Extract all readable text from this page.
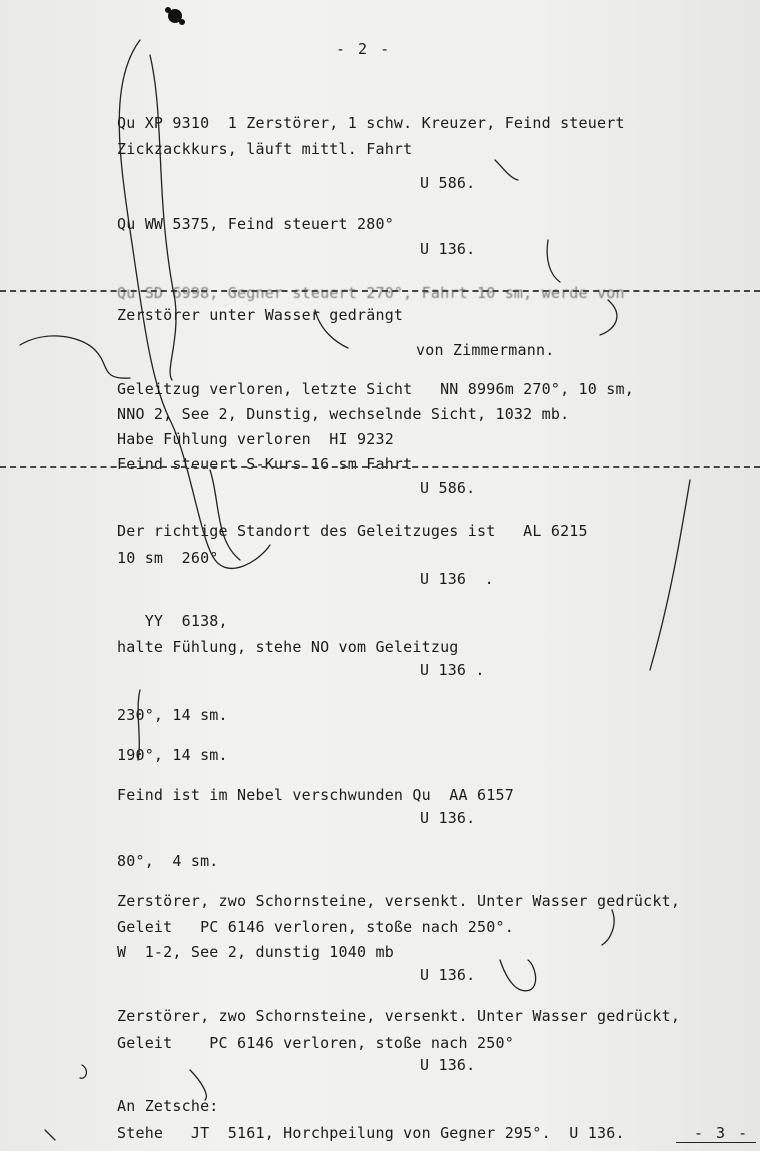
- 2 -
Qu XP 9310  1 Zerstörer, 1 schw. Kreuzer, Feind steuert
Zickzackkurs, läuft mittl. Fahrt
U 586.
Qu WW 5375, Feind steuert 280°
U 136.
Qu SD 6998, Gegner steuert 270°, Fahrt 10 sm, werde von
Zerstörer unter Wasser gedrängt
von Zimmermann.
Geleitzug verloren, letzte Sicht   NN 8996m 270°, 10 sm,
NNO 2, See 2, Dunstig, wechselnde Sicht, 1032 mb.
Habe Fühlung verloren  HI 9232
Feind steuert S-Kurs 16 sm Fahrt
U 586.
Der richtige Standort des Geleitzuges ist   AL 6215
10 sm  260°
U 136  .
YY  6138,
halte Fühlung, stehe NO vom Geleitzug
U 136 .
230°, 14 sm.
190°, 14 sm.
Feind ist im Nebel verschwunden Qu  AA 6157
U 136.
80°,  4 sm.
Zerstörer, zwo Schornsteine, versenkt. Unter Wasser gedrückt,
Geleit   PC 6146 verloren, stoße nach 250°.
W  1-2, See 2, dunstig 1040 mb
U 136.
Zerstörer, zwo Schornsteine, versenkt. Unter Wasser gedrückt,
Geleit    PC 6146 verloren, stoße nach 250°
U 136.
An Zetsche:
Stehe   JT  5161, Horchpeilung von Gegner 295°.  U 136.	- 3 -
